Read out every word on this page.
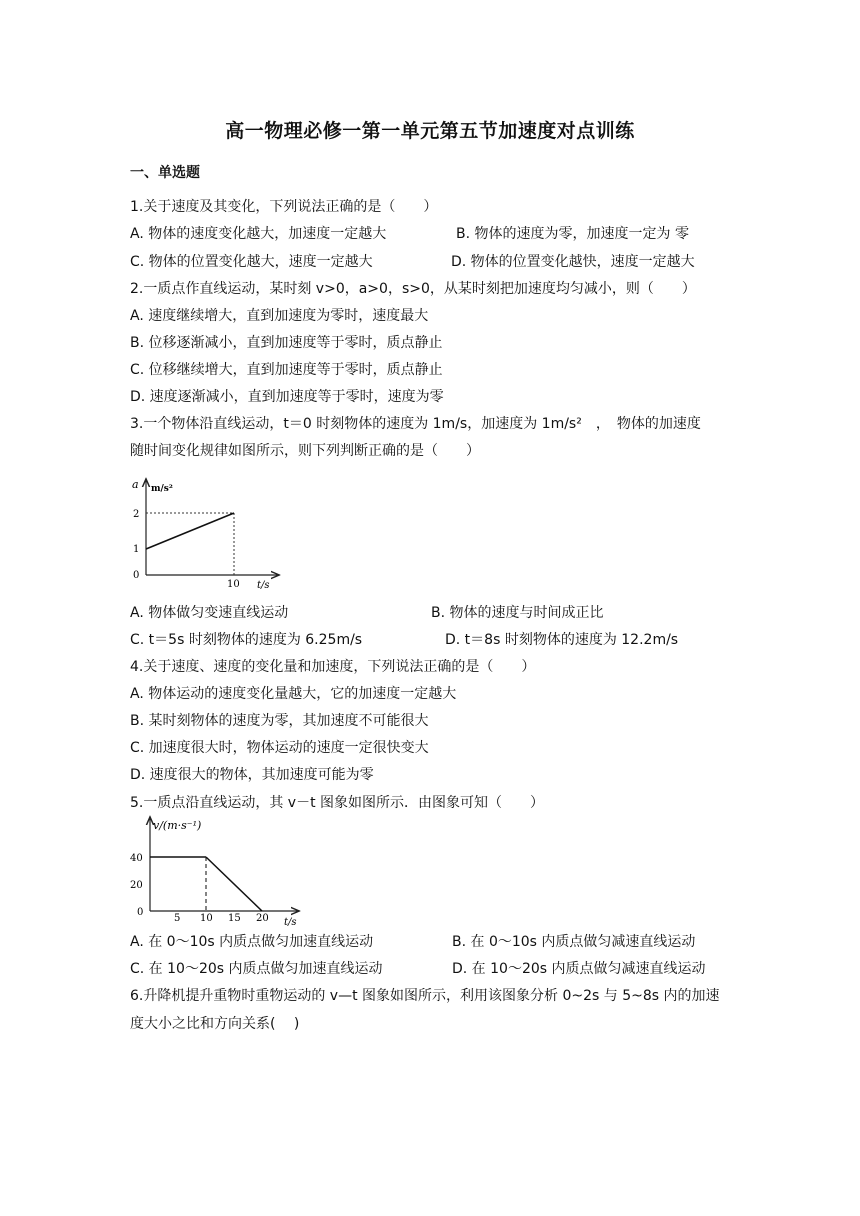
高一物理必修一第一单元第五节加速度对点训练
一、单选题
1.关于速度及其变化，下列说法正确的是（　　）
A. 物体的速度变化越大，加速度一定越大	B. 物体的速度为零，加速度一定为 零
C. 物体的位置变化越大，速度一定越大	D. 物体的位置变化越快，速度一定越大
2.一质点作直线运动，某时刻 v>0，a>0，s>0，从某时刻把加速度均匀减小，则（　　）
A. 速度继续增大，直到加速度为零时，速度最大
B. 位移逐渐减小，直到加速度等于零时，质点静止
C. 位移继续增大，直到加速度等于零时，质点静止
D. 速度逐渐减小，直到加速度等于零时，速度为零
3.一个物体沿直线运动，t＝0 时刻物体的速度为 1m/s，加速度为 1m/s²　，　物体的加速度
随时间变化规律如图所示，则下列判断正确的是（　　）
a m/s²
2
1
0
10 t/s
A. 物体做匀变速直线运动	B. 物体的速度与时间成正比
C. t＝5s 时刻物体的速度为 6.25m/s	D. t＝8s 时刻物体的速度为 12.2m/s
4.关于速度、速度的变化量和加速度，下列说法正确的是（　　）
A. 物体运动的速度变化量越大，它的加速度一定越大
B. 某时刻物体的速度为零，其加速度不可能很大
C. 加速度很大时，物体运动的速度一定很快变大
D. 速度很大的物体，其加速度可能为零
5.一质点沿直线运动，其 v－t 图象如图所示．由图象可知（　　）
v/(m·s⁻¹)
40
20
0
5 10 15 20 t/s
A. 在 0～10s 内质点做匀加速直线运动	B. 在 0～10s 内质点做匀减速直线运动
C. 在 10～20s 内质点做匀加速直线运动	D. 在 10～20s 内质点做匀减速直线运动
6.升降机提升重物时重物运动的 v—t 图象如图所示，利用该图象分析 0~2s 与 5~8s 内的加速
度大小之比和方向关系(　 )
